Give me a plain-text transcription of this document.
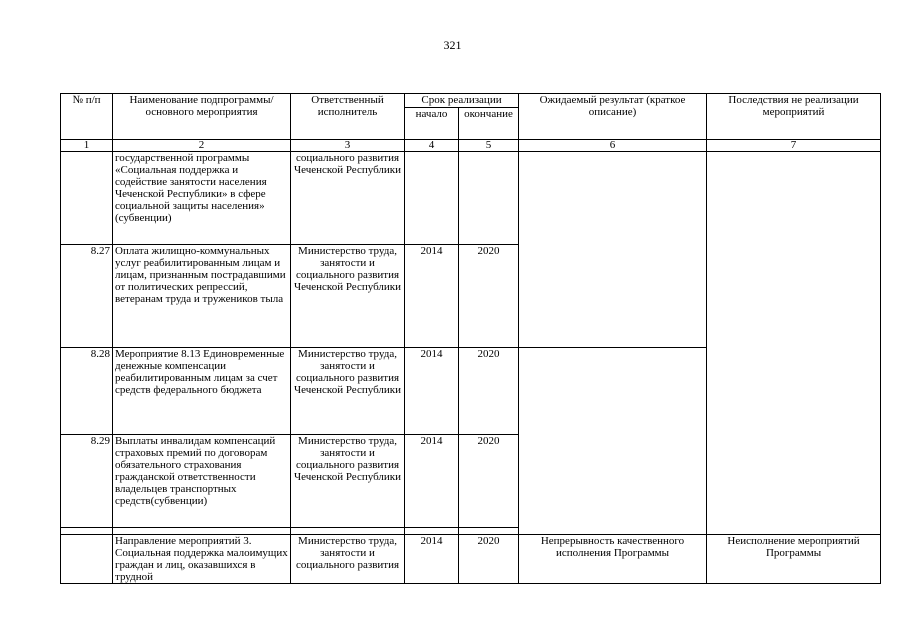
321
№ п/п	Наименование подпрограммы/ основного мероприятия	Ответственный исполнитель	Срок реализации		Ожидаемый результат (краткое описание)	Последствия не реализации мероприятий
			начало	окончание		
1	2	3	4	5	6	7
	государственной программы «Социальная поддержка и содействие занятости населения Чеченской Республики» в сфере социальной защиты населения» (субвенции)	социального развития Чеченской Республики				
8.27	Оплата жилищно-коммунальных услуг реабилитированным лицам и лицам, признанным пострадавшими от политических репрессий, ветеранам труда и тружеников тыла	Министерство труда, занятости и социального развития Чеченской Республики	2014	2020		
8.28	Мероприятие 8.13 Единовременные денежные компенсации реабилитированным лицам за счет средств федерального бюджета	Министерство труда, занятости и социального развития Чеченской Республики	2014	2020		
8.29	Выплаты инвалидам компенсаций страховых премий по договорам обязательного страхования гражданской ответственности владельцев транспортных средств(субвенции)	Министерство труда, занятости и социального развития Чеченской Республики	2014	2020		

	Направление мероприятий 3. Социальная поддержка малоимущих граждан и лиц, оказавшихся в трудной	Министерство труда, занятости и социального развития	2014	2020	Непрерывность качественного исполнения Программы	Неисполнение мероприятий Программы
